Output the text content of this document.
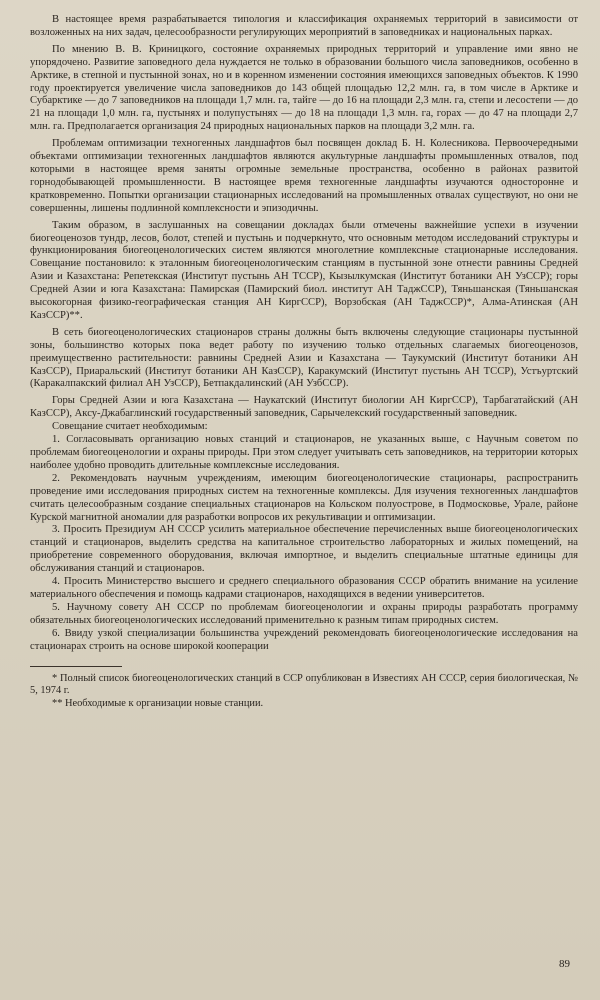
В настоящее время разрабатывается типология и классификация охраняемых территорий в зависимости от возложенных на них задач, целесообразности регулирующих мероприятий в заповедниках и национальных парках.

По мнению В. В. Криницкого, состояние охраняемых природных территорий и управление ими явно не упорядочено. Развитие заповедного дела нуждается не только в образовании большого числа заповедников, особенно в Арктике, в степной и пустынной зонах, но и в коренном изменении состояния имеющихся заповедных объектов. К 1990 году проектируется увеличение числа заповедников до 143 общей площадью 12,2 млн. га, в том числе в Арктике и Субарктике — до 7 заповедников на площади 1,7 млн. га, тайге — до 16 на площади 2,3 млн. га, степи и лесостепи — до 21 на площади 1,0 млн. га, пустынях и полупустынях — до 18 на площади 1,3 млн. га, горах — до 47 на площади 2,7 млн. га. Предполагается организация 24 природных национальных парков на площади 3,2 млн. га.

Проблемам оптимизации техногенных ландшафтов был посвящен доклад Б. Н. Колесникова. Первоочередными объектами оптимизации техногенных ландшафтов являются акультурные ландшафты промышленных отвалов, под которыми в настоящее время заняты огромные земельные пространства, особенно в районах развитой горнодобывающей промышленности. В настоящее время техногенные ландшафты изучаются односторонне и кратковременно. Попытки организации стационарных исследований на промышленных отвалах существуют, но они не совершенны, лишены подлинной комплексности и эпизодичны.

Таким образом, в заслушанных на совещании докладах были отмечены важнейшие успехи в изучении биогеоценозов тундр, лесов, болот, степей и пустынь и подчеркнуто, что основным методом исследований структуры и функционирования биогеоценологических систем являются многолетние комплексные стационарные исследования. Совещание постановило: к эталонным биогеоценологическим станциям в пустынной зоне отнести равнины Средней Азии и Казахстана: Репетекская (Институт пустынь АН ТССР), Кызылкумская (Институт ботаники АН УзССР); горы Средней Азии и юга Казахстана: Памирская (Памирский биол. институт АН ТаджССР), Тяньшанская (Тяньшанская высокогорная физико-географическая станция АН КиргССР), Ворзобская (АН ТаджССР)*, Алма-Атинская (АН КазССР)**.

В сеть биогеоценологических стационаров страны должны быть включены следующие стационары пустынной зоны, большинство которых пока ведет работу по изучению только отдельных слагаемых биогеоценозов, преимущественно растительности: равнины Средней Азии и Казахстана — Таукумский (Институт ботаники АН КазССР), Приаральский (Институт ботаники АН КазССР), Каракумский (Институт пустынь АН ТССР), Устъуртский (Каракалпакский филиал АН УзССР), Бетпакдалинский (АН УзбССР).

Горы Средней Азии и юга Казахстана — Наукатский (Институт биологии АН КиргССР), Тарбагатайский (АН КазССР), Аксу-Джабаглинский государственный заповедник, Сарычелекский государственный заповедник.

Совещание считает необходимым:

1. Согласовывать организацию новых станций и стационаров, не указанных выше, с Научным советом по проблемам биогеоценологии и охраны природы. При этом следует учитывать сеть заповедников, на территории которых наиболее удобно проводить длительные комплексные исследования.

2. Рекомендовать научным учреждениям, имеющим биогеоценологические стационары, распространить проведение ими исследования природных систем на техногенные комплексы. Для изучения техногенных ландшафтов считать целесообразным создание специальных стационаров на Кольском полуострове, в Подмосковье, Урале, районе Курской магнитной аномалии для разработки вопросов их рекультивации и оптимизации.

3. Просить Президиум АН СССР усилить материальное обеспечение перечисленных выше биогеоценологических станций и стационаров, выделить средства на капитальное строительство лабораторных и жилых помещений, на приобретение современного оборудования, включая импортное, и выделить специальные штатные единицы для обслуживания станций и стационаров.

4. Просить Министерство высшего и среднего специального образования СССР обратить внимание на усиление материального обеспечения и помощь кадрами стационаров, находящихся в ведении университетов.

5. Научному совету АН СССР по проблемам биогеоценологии и охраны природы разработать программу обязательных биогеоценологических исследований применительно к разным типам природных систем.

6. Ввиду узкой специализации большинства учреждений рекомендовать биогеоценологические исследования на стационарах строить на основе широкой кооперации

* Полный список биогеоценологических станций в ССР опубликован в Известиях АН СССР, серия биологическая, № 5, 1974 г.

** Необходимые к организации новые станции.

89
